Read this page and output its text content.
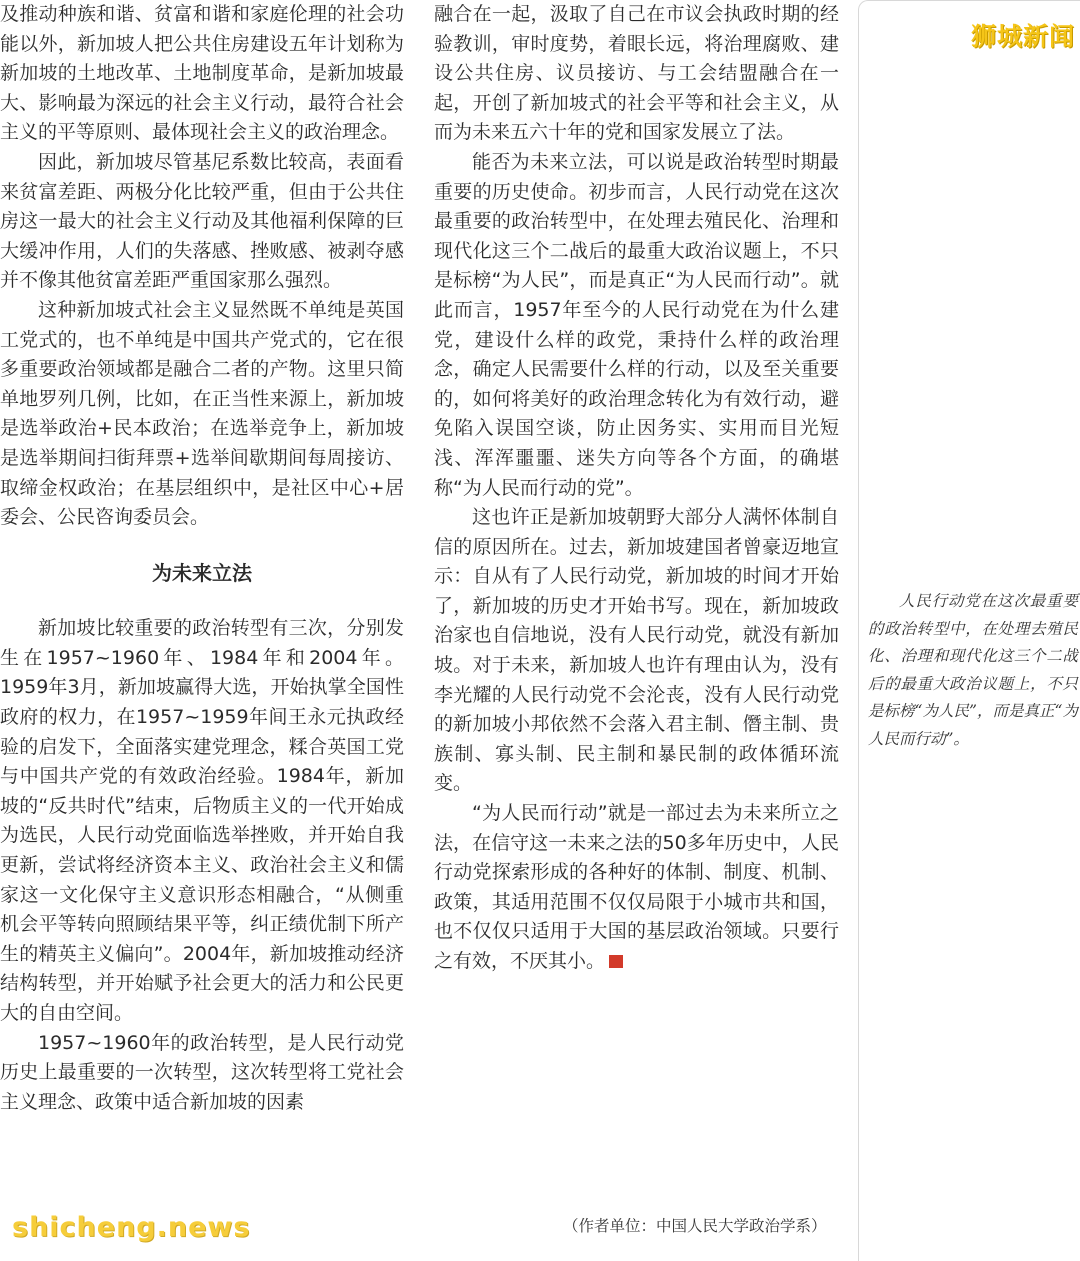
及推动种族和谐、贫富和谐和家庭伦理的社会功能以外，新加坡人把公共住房建设五年计划称为新加坡的土地改革、土地制度革命，是新加坡最大、影响最为深远的社会主义行动，最符合社会主义的平等原则、最体现社会主义的政治理念。

因此，新加坡尽管基尼系数比较高，表面看来贫富差距、两极分化比较严重，但由于公共住房这一最大的社会主义行动及其他福利保障的巨大缓冲作用，人们的失落感、挫败感、被剥夺感并不像其他贫富差距严重国家那么强烈。

这种新加坡式社会主义显然既不单纯是英国工党式的，也不单纯是中国共产党式的，它在很多重要政治领域都是融合二者的产物。这里只简单地罗列几例，比如，在正当性来源上，新加坡是选举政治+民本政治；在选举竞争上，新加坡是选举期间扫街拜票+选举间歇期间每周接访、取缔金权政治；在基层组织中，是社区中心+居委会、公民咨询委员会。

为未来立法

新加坡比较重要的政治转型有三次，分别发生在1957~1960年、1984年和2004年。1959年3月，新加坡赢得大选，开始执掌全国性政府的权力，在1957~1959年间王永元执政经验的启发下，全面落实建党理念，糅合英国工党与中国共产党的有效政治经验。1984年，新加坡的“反共时代”结束，后物质主义的一代开始成为选民，人民行动党面临选举挫败，并开始自我更新，尝试将经济资本主义、政治社会主义和儒家这一文化保守主义意识形态相融合，“从侧重机会平等转向照顾结果平等，纠正绩优制下所产生的精英主义偏向”。2004年，新加坡推动经济结构转型，并开始赋予社会更大的活力和公民更大的自由空间。

1957~1960年的政治转型，是人民行动党历史上最重要的一次转型，这次转型将工党社会主义理念、政策中适合新加坡的因素

融合在一起，汲取了自己在市议会执政时期的经验教训，审时度势，着眼长远，将治理腐败、建设公共住房、议员接访、与工会结盟融合在一起，开创了新加坡式的社会平等和社会主义，从而为未来五六十年的党和国家发展立了法。

能否为未来立法，可以说是政治转型时期最重要的历史使命。初步而言，人民行动党在这次最重要的政治转型中，在处理去殖民化、治理和现代化这三个二战后的最重大政治议题上，不只是标榜“为人民”，而是真正“为人民而行动”。就此而言，1957年至今的人民行动党在为什么建党，建设什么样的政党，秉持什么样的政治理念，确定人民需要什么样的行动，以及至关重要的，如何将美好的政治理念转化为有效行动，避免陷入误国空谈，防止因务实、实用而目光短浅、浑浑噩噩、迷失方向等各个方面，的确堪称“为人民而行动的党”。

这也许正是新加坡朝野大部分人满怀体制自信的原因所在。过去，新加坡建国者曾豪迈地宣示：自从有了人民行动党，新加坡的时间才开始了，新加坡的历史才开始书写。现在，新加坡政治家也自信地说，没有人民行动党，就没有新加坡。对于未来，新加坡人也许有理由认为，没有李光耀的人民行动党不会沦丧，没有人民行动党的新加坡小邦依然不会落入君主制、僭主制、贵族制、寡头制、民主制和暴民制的政体循环流变。

“为人民而行动”就是一部过去为未来所立之法，在信守这一未来之法的50多年历史中，人民行动党探索形成的各种好的体制、制度、机制、政策，其适用范围不仅仅局限于小城市共和国，也不仅仅只适用于大国的基层政治领域。只要行之有效，不厌其小。	Z

狮城新闻

人民行动党在这次最重要的政治转型中，在处理去殖民化、治理和现代化这三个二战后的最重大政治议题上，不只是标榜“为人民”，而是真正“为人民而行动”。

（作者单位：中国人民大学政治学系）
shicheng.news
